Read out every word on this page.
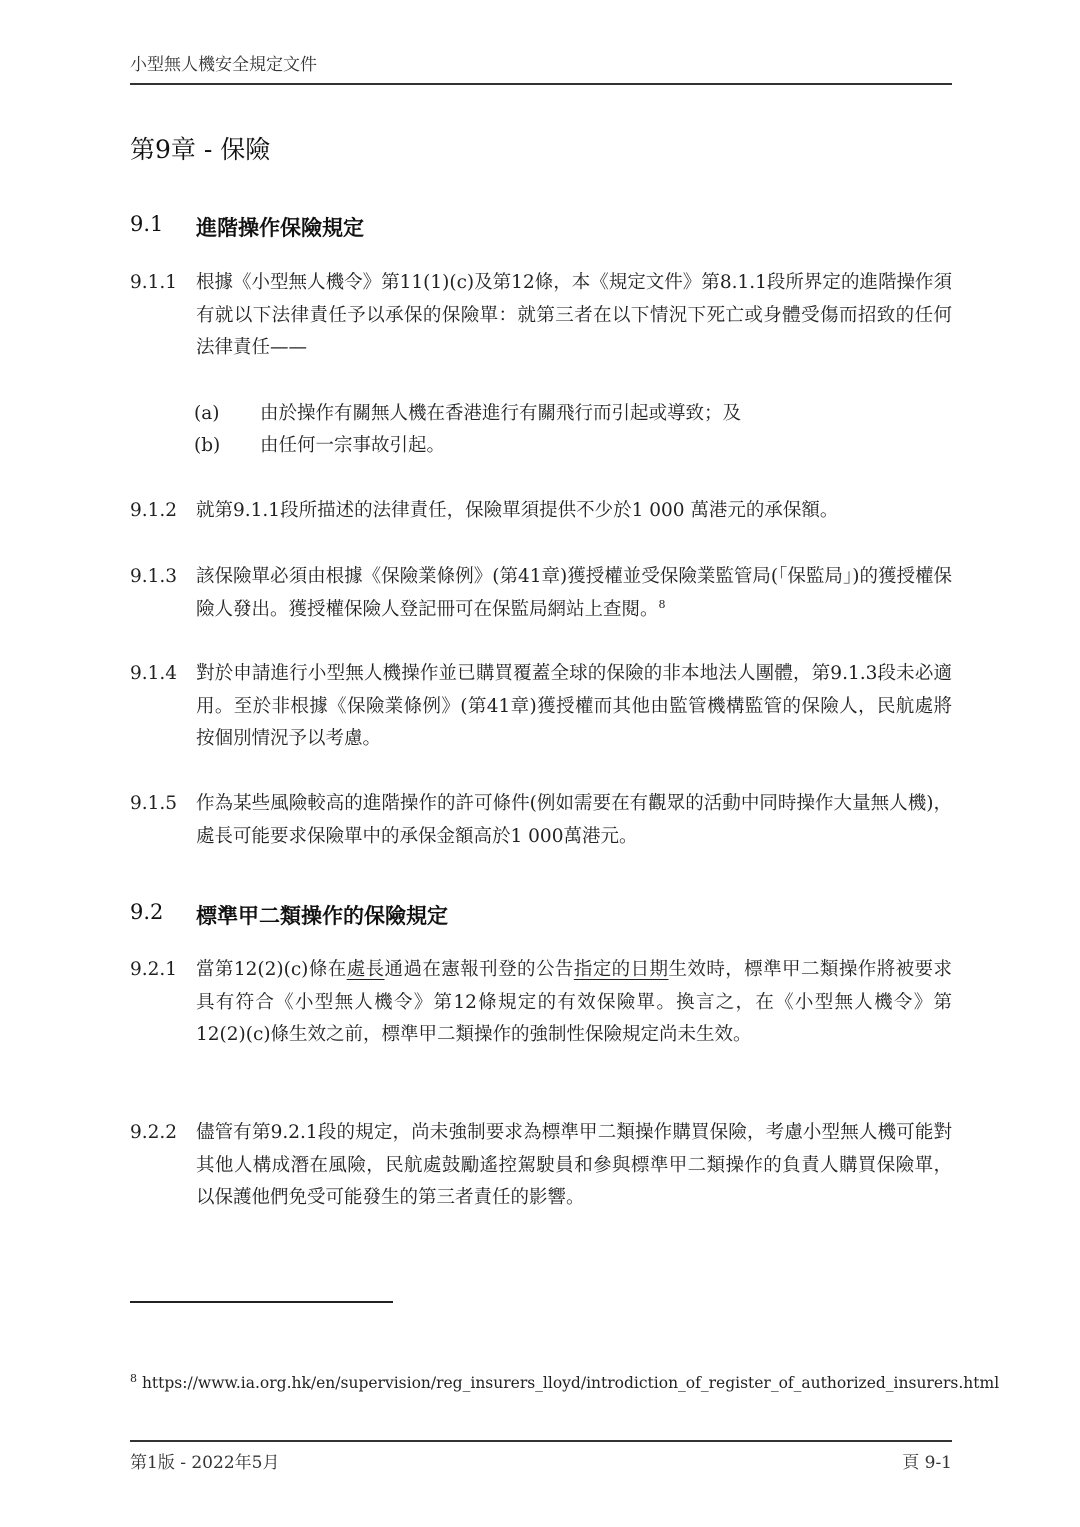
小型無人機安全規定文件
第9章 - 保險
9.1 進階操作保險規定
9.1.1 根據《小型無人機令》第11(1)(c)及第12條，本《規定文件》第8.1.1段所界定的進階操作須有就以下法律責任予以承保的保險單：就第三者在以下情況下死亡或身體受傷而招致的任何法律責任——
(a) 由於操作有關無人機在香港進行有關飛行而引起或導致；及
(b) 由任何一宗事故引起。
9.1.2 就第9.1.1段所描述的法律責任，保險單須提供不少於1 000 萬港元的承保額。
9.1.3 該保險單必須由根據《保險業條例》(第41章)獲授權並受保險業監管局(「保監局」)的獲授權保險人發出。獲授權保險人登記冊可在保監局網站上查閱。$^8$
9.1.4 對於申請進行小型無人機操作並已購買覆蓋全球的保險的非本地法人團體，第9.1.3段未必適用。至於非根據《保險業條例》(第41章)獲授權而其他由監管機構監管的保險人，民航處將按個別情況予以考慮。
9.1.5 作為某些風險較高的進階操作的許可條件(例如需要在有觀眾的活動中同時操作大量無人機)，處長可能要求保險單中的承保金額高於1 000萬港元。
9.2 標準甲二類操作的保險規定
9.2.1 當第12(2)(c)條在處長通過在憲報刊登的公告指定的日期生效時，標準甲二類操作將被要求具有符合《小型無人機令》第12條規定的有效保險單。換言之，在《小型無人機令》第12(2)(c)條生效之前，標準甲二類操作的強制性保險規定尚未生效。
9.2.2 儘管有第9.2.1段的規定，尚未強制要求為標準甲二類操作購買保險，考慮小型無人機可能對其他人構成潛在風險，民航處鼓勵遙控駕駛員和參與標準甲二類操作的負責人購買保險單，以保護他們免受可能發生的第三者責任的影響。
$^8$ https://www.ia.org.hk/en/supervision/reg_insurers_lloyd/introdiction_of_register_of_authorized_insurers.html
第1版 - 2022年5月	頁 9-1
